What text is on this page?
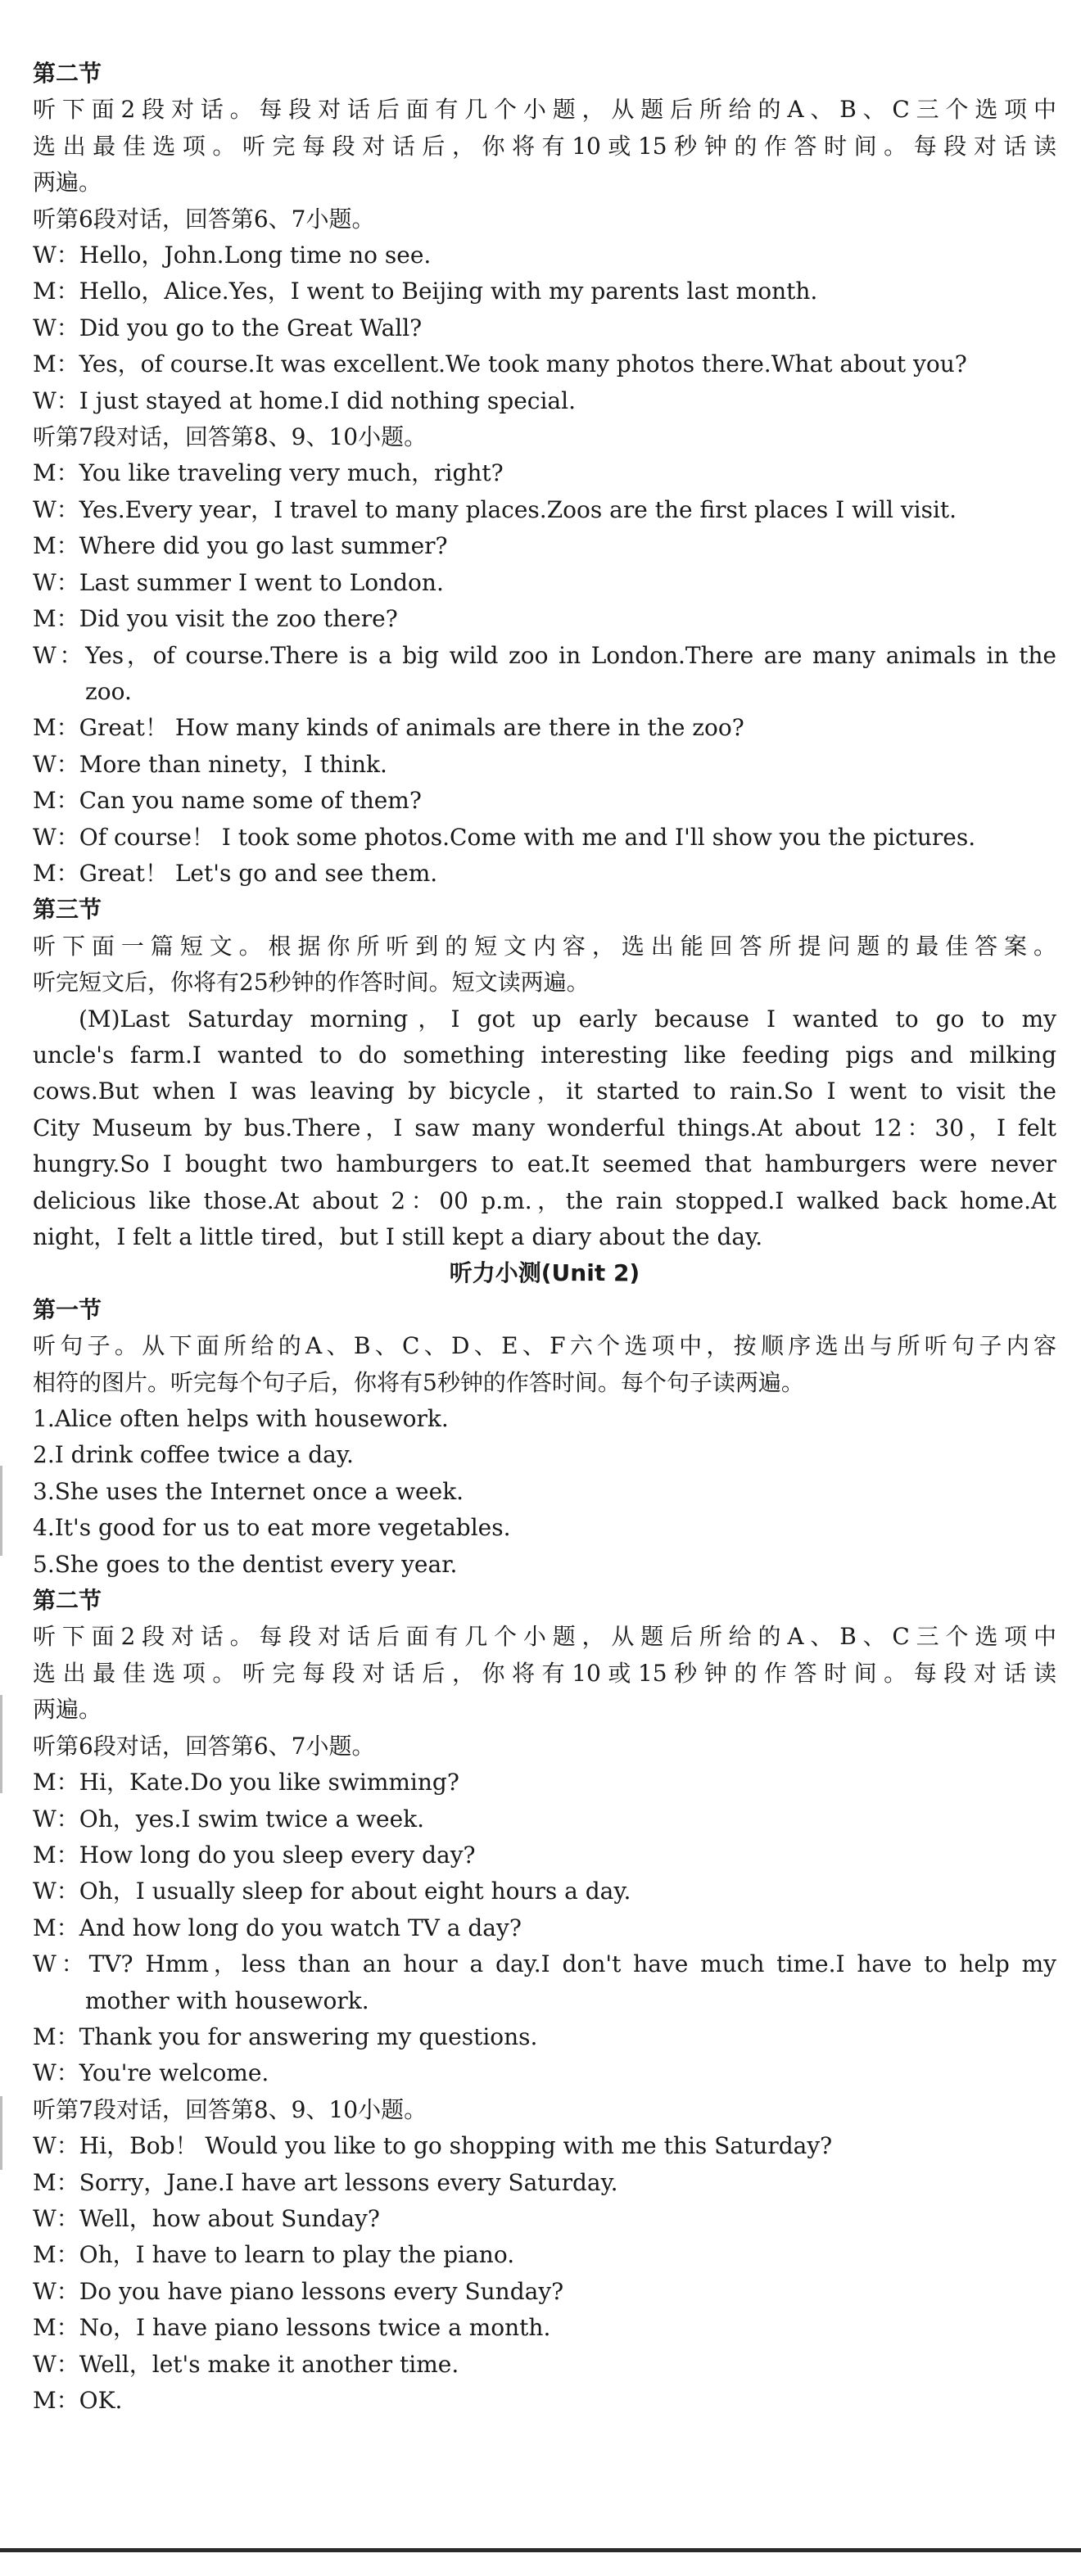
第二节
听下面2段对话。每段对话后面有几个小题，从题后所给的A、B、C三个选项中
选出最佳选项。听完每段对话后，你将有10或15秒钟的作答时间。每段对话读
两遍。
听第6段对话，回答第6、7小题。
W：Hello，John.Long time no see.
M：Hello，Alice.Yes，I went to Beijing with my parents last month.
W：Did you go to the Great Wall?
M：Yes，of course.It was excellent.We took many photos there.What about you?
W：I just stayed at home.I did nothing special.
听第7段对话，回答第8、9、10小题。
M：You like traveling very much，right?
W：Yes.Every year，I travel to many places.Zoos are the first places I will visit.
M：Where did you go last summer?
W：Last summer I went to London.
M：Did you visit the zoo there?
W：Yes，of course.There is a big wild zoo in London.There are many animals in the
zoo.
M：Great！ How many kinds of animals are there in the zoo?
W：More than ninety，I think.
M：Can you name some of them?
W：Of course！ I took some photos.Come with me and I'll show you the pictures.
M：Great！ Let's go and see them.
第三节
听下面一篇短文。根据你所听到的短文内容，选出能回答所提问题的最佳答案。
听完短文后，你将有25秒钟的作答时间。短文读两遍。
(M)Last Saturday morning，I got up early because I wanted to go to my
uncle's farm.I wanted to do something interesting like feeding pigs and milking
cows.But when I was leaving by bicycle，it started to rain.So I went to visit the
City Museum by bus.There，I saw many wonderful things.At about 12：30，I felt
hungry.So I bought two hamburgers to eat.It seemed that hamburgers were never
delicious like those.At about 2：00 p.m.，the rain stopped.I walked back home.At
night，I felt a little tired，but I still kept a diary about the day.
听力小测(Unit 2)
第一节
听句子。从下面所给的A、B、C、D、E、F六个选项中，按顺序选出与所听句子内容
相符的图片。听完每个句子后，你将有5秒钟的作答时间。每个句子读两遍。
1.Alice often helps with housework.
2.I drink coffee twice a day.
3.She uses the Internet once a week.
4.It's good for us to eat more vegetables.
5.She goes to the dentist every year.
第二节
听下面2段对话。每段对话后面有几个小题，从题后所给的A、B、C三个选项中
选出最佳选项。听完每段对话后，你将有10或15秒钟的作答时间。每段对话读
两遍。
听第6段对话，回答第6、7小题。
M：Hi，Kate.Do you like swimming?
W：Oh，yes.I swim twice a week.
M：How long do you sleep every day?
W：Oh，I usually sleep for about eight hours a day.
M：And how long do you watch TV a day?
W：TV? Hmm，less than an hour a day.I don't have much time.I have to help my
mother with housework.
M：Thank you for answering my questions.
W：You're welcome.
听第7段对话，回答第8、9、10小题。
W：Hi，Bob！ Would you like to go shopping with me this Saturday?
M：Sorry，Jane.I have art lessons every Saturday.
W：Well，how about Sunday?
M：Oh，I have to learn to play the piano.
W：Do you have piano lessons every Sunday?
M：No，I have piano lessons twice a month.
W：Well，let's make it another time.
M：OK.
